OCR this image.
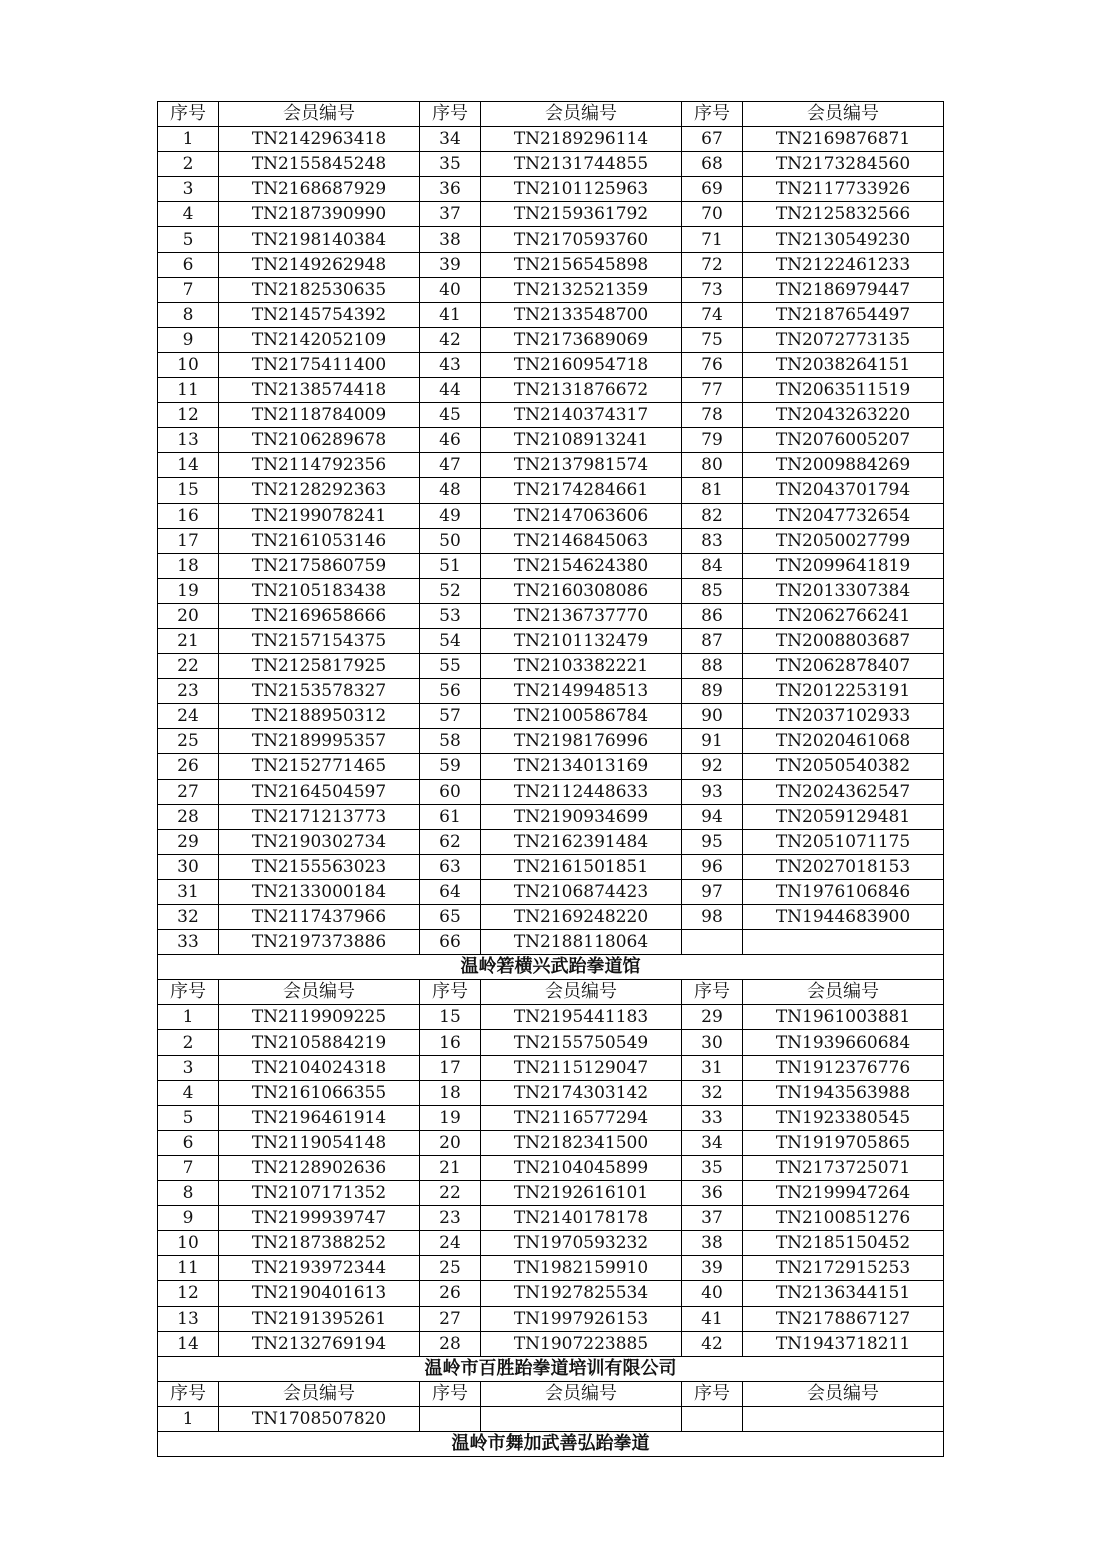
序号	会员编号	序号	会员编号	序号	会员编号
1	TN2142963418	34	TN2189296114	67	TN2169876871
2	TN2155845248	35	TN2131744855	68	TN2173284560
3	TN2168687929	36	TN2101125963	69	TN2117733926
4	TN2187390990	37	TN2159361792	70	TN2125832566
5	TN2198140384	38	TN2170593760	71	TN2130549230
6	TN2149262948	39	TN2156545898	72	TN2122461233
7	TN2182530635	40	TN2132521359	73	TN2186979447
8	TN2145754392	41	TN2133548700	74	TN2187654497
9	TN2142052109	42	TN2173689069	75	TN2072773135
10	TN2175411400	43	TN2160954718	76	TN2038264151
11	TN2138574418	44	TN2131876672	77	TN2063511519
12	TN2118784009	45	TN2140374317	78	TN2043263220
13	TN2106289678	46	TN2108913241	79	TN2076005207
14	TN2114792356	47	TN2137981574	80	TN2009884269
15	TN2128292363	48	TN2174284661	81	TN2043701794
16	TN2199078241	49	TN2147063606	82	TN2047732654
17	TN2161053146	50	TN2146845063	83	TN2050027799
18	TN2175860759	51	TN2154624380	84	TN2099641819
19	TN2105183438	52	TN2160308086	85	TN2013307384
20	TN2169658666	53	TN2136737770	86	TN2062766241
21	TN2157154375	54	TN2101132479	87	TN2008803687
22	TN2125817925	55	TN2103382221	88	TN2062878407
23	TN2153578327	56	TN2149948513	89	TN2012253191
24	TN2188950312	57	TN2100586784	90	TN2037102933
25	TN2189995357	58	TN2198176996	91	TN2020461068
26	TN2152771465	59	TN2134013169	92	TN2050540382
27	TN2164504597	60	TN2112448633	93	TN2024362547
28	TN2171213773	61	TN2190934699	94	TN2059129481
29	TN2190302734	62	TN2162391484	95	TN2051071175
30	TN2155563023	63	TN2161501851	96	TN2027018153
31	TN2133000184	64	TN2106874423	97	TN1976106846
32	TN2117437966	65	TN2169248220	98	TN1944683900
33	TN2197373886	66	TN2188118064		
温岭箬横兴武跆拳道馆					
序号	会员编号	序号	会员编号	序号	会员编号
1	TN2119909225	15	TN2195441183	29	TN1961003881
2	TN2105884219	16	TN2155750549	30	TN1939660684
3	TN2104024318	17	TN2115129047	31	TN1912376776
4	TN2161066355	18	TN2174303142	32	TN1943563988
5	TN2196461914	19	TN2116577294	33	TN1923380545
6	TN2119054148	20	TN2182341500	34	TN1919705865
7	TN2128902636	21	TN2104045899	35	TN2173725071
8	TN2107171352	22	TN2192616101	36	TN2199947264
9	TN2199939747	23	TN2140178178	37	TN2100851276
10	TN2187388252	24	TN1970593232	38	TN2185150452
11	TN2193972344	25	TN1982159910	39	TN2172915253
12	TN2190401613	26	TN1927825534	40	TN2136344151
13	TN2191395261	27	TN1997926153	41	TN2178867127
14	TN2132769194	28	TN1907223885	42	TN1943718211
温岭市百胜跆拳道培训有限公司					
序号	会员编号	序号	会员编号	序号	会员编号
1	TN1708507820				
温岭市舞加武善弘跆拳道					
